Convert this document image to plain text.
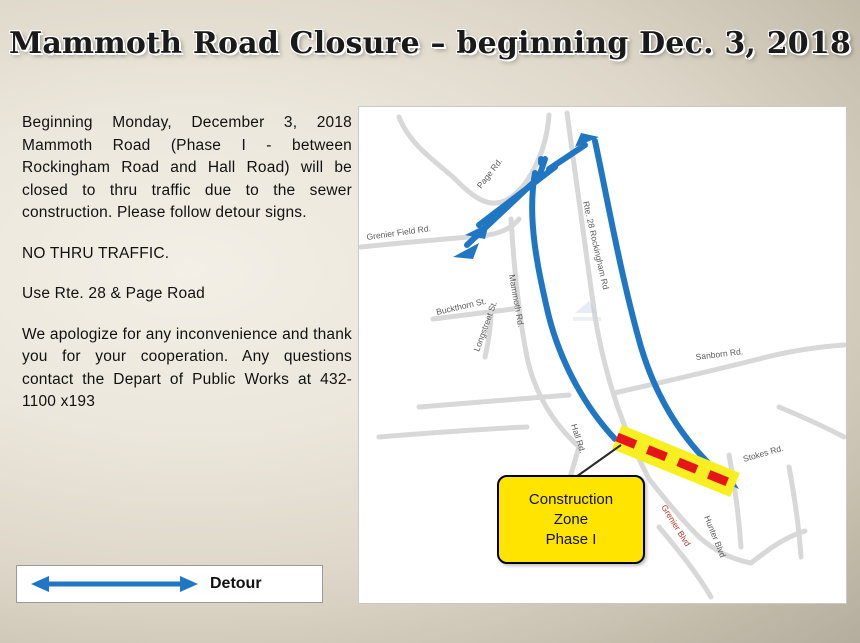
Mammoth Road Closure – beginning Dec. 3, 2018
Beginning Monday, December 3, 2018 Mammoth Road (Phase I - between Rockingham Road and Hall Road) will be closed to thru traffic due to the sewer construction. Please follow detour signs.
NO THRU TRAFFIC.
Use Rte. 28 & Page Road
We apologize for any inconvenience and thank you for your cooperation. Any questions contact the Depart of Public Works at 432-1100 x193
Detour
Page Rd.
Grenier Field Rd.	Rte. 28 Rockingham Rd
Mammoth Rd.
Buckthorn St.
Longstreet St.
Sanborn Rd.
Hall Rd.
Grenier Blvd Hunter Blvd
Stokes Rd.
Construction
Zone
Phase I
